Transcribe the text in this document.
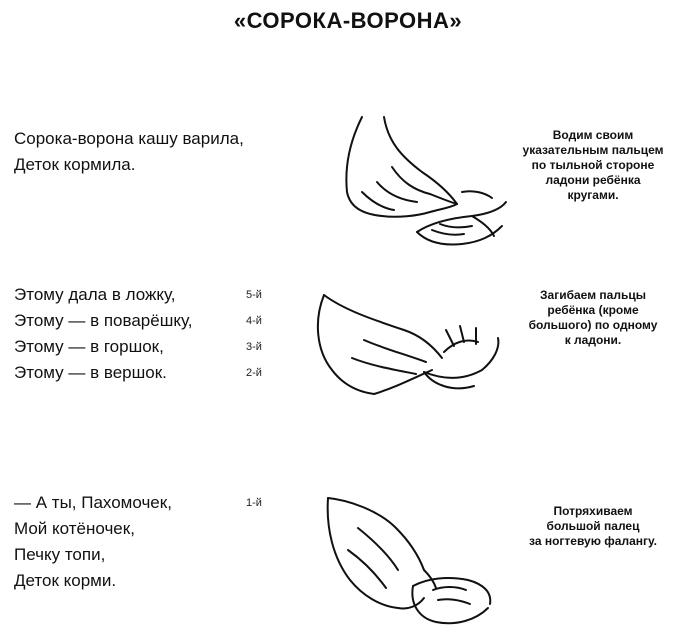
«СОРОКА-ВОРОНА»
Сорока-ворона кашу варила,
Деток кормила.
Водим своим
указательным пальцем
по тыльной стороне
ладони ребёнка
кругами.
Этому дала в ложку,
Этому — в поварёшку,
Этому — в горшок,
Этому — в вершок.
5-й
4-й
3-й
2-й
Загибаем пальцы
ребёнка (кроме
большого) по одному
к ладони.
— А ты, Пахомочек,
Мой котёночек,
Печку топи,
Деток корми.
1-й
Потряхиваем
большой палец
за ногтевую фалангу.
